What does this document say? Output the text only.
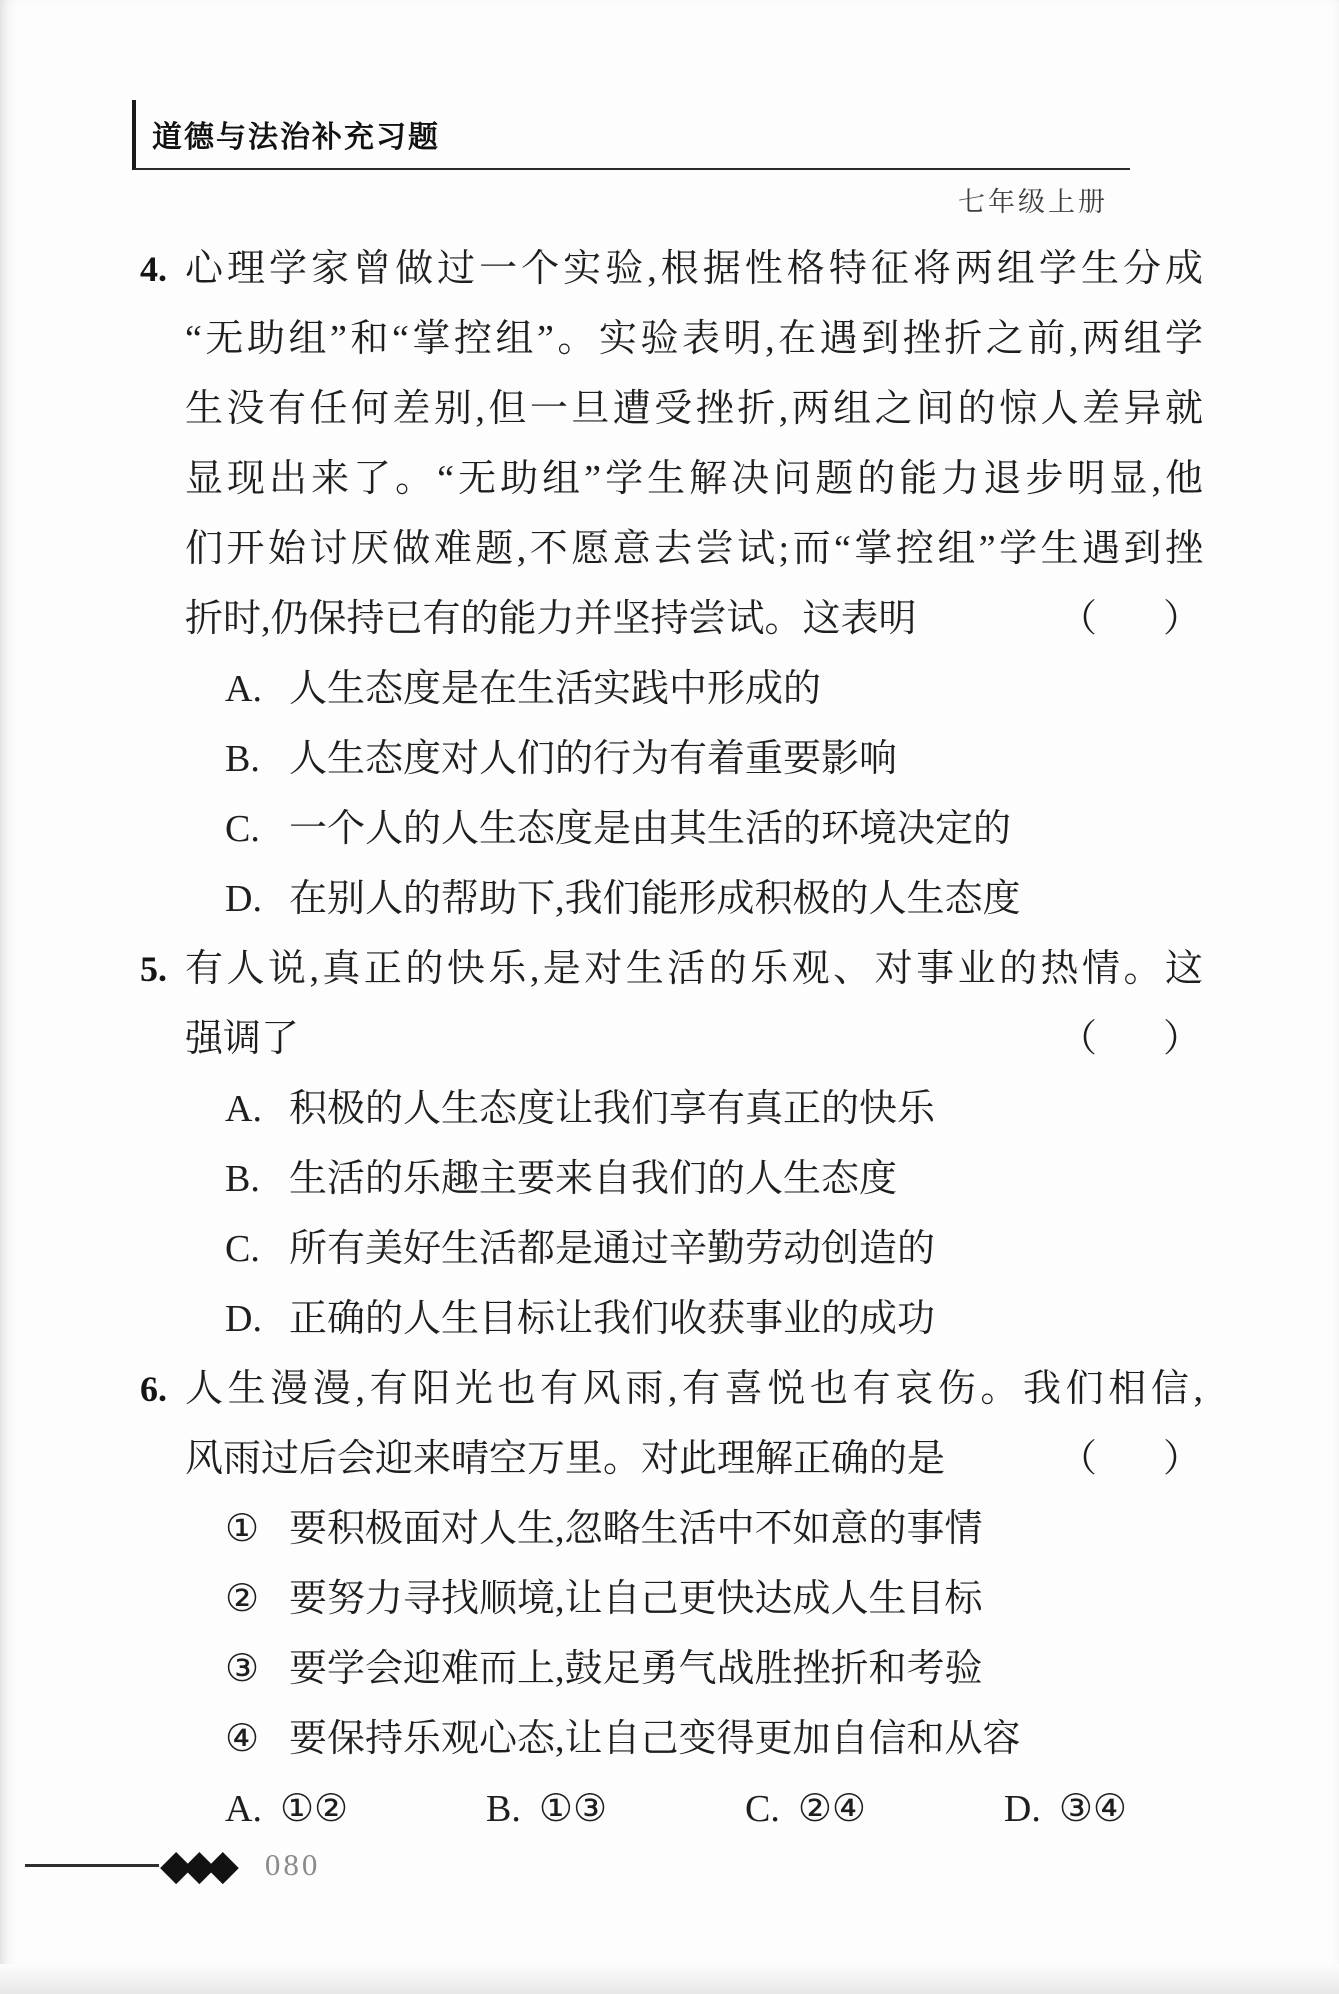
道德与法治补充习题
七年级上册
4. 心理学家曾做过一个实验,根据性格特征将两组学生分成
“无助组”和“掌控组”。实验表明,在遇到挫折之前,两组学
生没有任何差别,但一旦遭受挫折,两组之间的惊人差异就
显现出来了。“无助组”学生解决问题的能力退步明显,他
们开始讨厌做难题,不愿意去尝试;而“掌控组”学生遇到挫
折时,仍保持已有的能力并坚持尝试。这表明	（ ）
A. 人生态度是在生活实践中形成的
B. 人生态度对人们的行为有着重要影响
C. 一个人的人生态度是由其生活的环境决定的
D. 在别人的帮助下,我们能形成积极的人生态度
5. 有人说,真正的快乐,是对生活的乐观、对事业的热情。这
强调了	（ ）
A. 积极的人生态度让我们享有真正的快乐
B. 生活的乐趣主要来自我们的人生态度
C. 所有美好生活都是通过辛勤劳动创造的
D. 正确的人生目标让我们收获事业的成功
6. 人生漫漫,有阳光也有风雨,有喜悦也有哀伤。我们相信,
风雨过后会迎来晴空万里。对此理解正确的是	（ ）
① 要积极面对人生,忽略生活中不如意的事情
② 要努力寻找顺境,让自己更快达成人生目标
③ 要学会迎难而上,鼓足勇气战胜挫折和考验
④ 要保持乐观心态,让自己变得更加自信和从容
A. ①②	B. ①③	C. ②④	D. ③④
◆◆◆ 080
